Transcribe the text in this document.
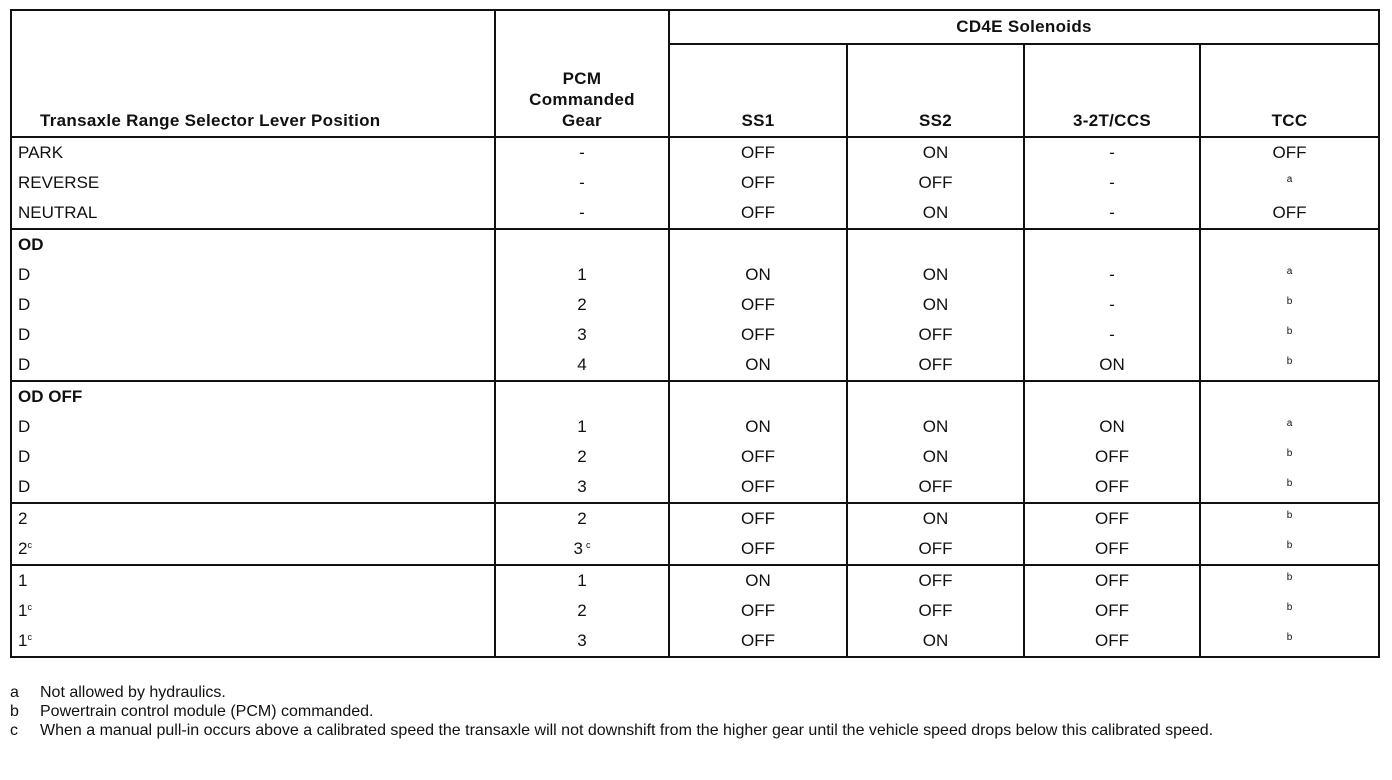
Transaxle Range Selector Lever Position	PCM
Commanded
Gear	CD4E Solenoids			
		SS1	SS2	3-2T/CCS	TCC
PARK	-	OFF	ON	-	OFF
REVERSE	-	OFF	OFF	-	a
NEUTRAL	-	OFF	ON	-	OFF
OD					
D	1	ON	ON	-	a
D	2	OFF	ON	-	b
D	3	OFF	OFF	-	b
D	4	ON	OFF	ON	b
OD OFF					
D	1	ON	ON	ON	a
D	2	OFF	ON	OFF	b
D	3	OFF	OFF	OFF	b
2	2	OFF	ON	OFF	b
2$^c$	3 $^c$	OFF	OFF	OFF	b
1	1	ON	OFF	OFF	b
1$^c$	2	OFF	OFF	OFF	b
1$^c$	3	OFF	ON	OFF	b
a	Not allowed by hydraulics.
b	Powertrain control module (PCM) commanded.
c	When a manual pull-in occurs above a calibrated speed the transaxle will not downshift from the higher gear until the vehicle speed drops below this calibrated speed.
